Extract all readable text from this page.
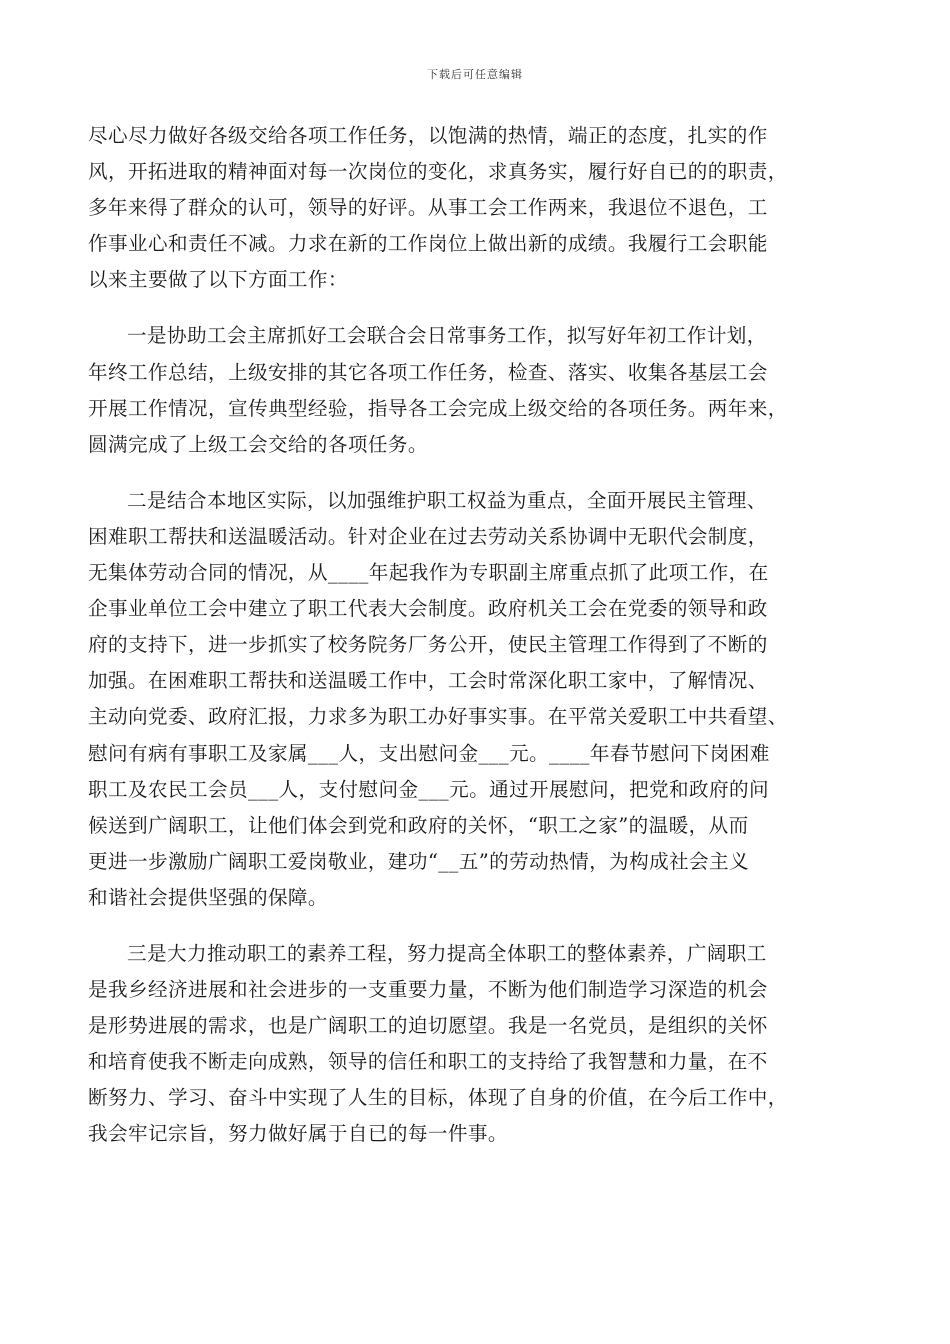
下载后可任意编辑

尽心尽力做好各级交给各项工作任务，以饱满的热情，端正的态度，扎实的作
风，开拓进取的精神面对每一次岗位的变化，求真务实，履行好自已的的职责，
多年来得了群众的认可，领导的好评。从事工会工作两来，我退位不退色，工
作事业心和责任不减。力求在新的工作岗位上做出新的成绩。我履行工会职能
以来主要做了以下方面工作：

一是协助工会主席抓好工会联合会日常事务工作，拟写好年初工作计划，
年终工作总结，上级安排的其它各项工作任务，检查、落实、收集各基层工会
开展工作情况，宣传典型经验，指导各工会完成上级交给的各项任务。两年来，
圆满完成了上级工会交给的各项任务。

二是结合本地区实际，以加强维护职工权益为重点，全面开展民主管理、
困难职工帮扶和送温暖活动。针对企业在过去劳动关系协调中无职代会制度，
无集体劳动合同的情况，从____年起我作为专职副主席重点抓了此项工作，在
企事业单位工会中建立了职工代表大会制度。政府机关工会在党委的领导和政
府的支持下，进一步抓实了校务院务厂务公开，使民主管理工作得到了不断的
加强。在困难职工帮扶和送温暖工作中，工会时常深化职工家中，了解情况、
主动向党委、政府汇报，力求多为职工办好事实事。在平常关爱职工中共看望、
慰问有病有事职工及家属___人，支出慰问金___元。____年春节慰问下岗困难
职工及农民工会员___人，支付慰问金___元。通过开展慰问，把党和政府的问
候送到广阔职工，让他们体会到党和政府的关怀，“职工之家”的温暖，从而
更进一步激励广阔职工爱岗敬业，建功“__五”的劳动热情，为构成社会主义
和谐社会提供坚强的保障。

三是大力推动职工的素养工程，努力提高全体职工的整体素养，广阔职工
是我乡经济进展和社会进步的一支重要力量，不断为他们制造学习深造的机会
是形势进展的需求，也是广阔职工的迫切愿望。我是一名党员，是组织的关怀
和培育使我不断走向成熟，领导的信任和职工的支持给了我智慧和力量，在不
断努力、学习、奋斗中实现了人生的目标，体现了自身的价值，在今后工作中，
我会牢记宗旨，努力做好属于自已的每一件事。
